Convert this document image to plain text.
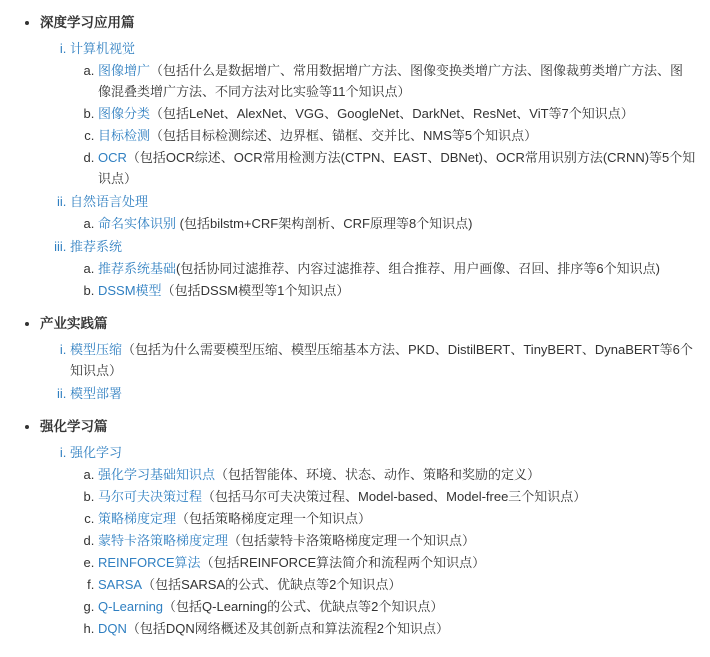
• 深度学习应用篇
i. 计算机视觉
a. 图像增广（包括什么是数据增广、常用数据增广方法、图像变换类增广方法、图像裁剪类增广方法、图像混叠类增广方法、不同方法对比实验等11个知识点）
b. 图像分类（包括LeNet、AlexNet、VGG、GoogleNet、DarkNet、ResNet、ViT等7个知识点）
c. 目标检测（包括目标检测综述、边界框、锚框、交并比、NMS等5个知识点）
d. OCR（包括OCR综述、OCR常用检测方法(CTPN、EAST、DBNet)、OCR常用识别方法(CRNN)等5个知识点）
ii. 自然语言处理
a. 命名实体识别 (包括bilstm+CRF架构剖析、CRF原理等8个知识点)
iii. 推荐系统
a. 推荐系统基础(包括协同过滤推荐、内容过滤推荐、组合推荐、用户画像、召回、排序等6个知识点)
b. DSSM模型（包括DSSM模型等1个知识点）
• 产业实践篇
i. 模型压缩（包括为什么需要模型压缩、模型压缩基本方法、PKD、DistilBERT、TinyBERT、DynaBERT等6个知识点）
ii. 模型部署
• 强化学习篇
i. 强化学习
a. 强化学习基础知识点（包括智能体、环境、状态、动作、策略和奖励的定义）
b. 马尔可夫决策过程（包括马尔可夫决策过程、Model-based、Model-free三个知识点）
c. 策略梯度定理（包括策略梯度定理一个知识点）
d. 蒙特卡洛策略梯度定理（包括蒙特卡洛策略梯度定理一个知识点）
e. REINFORCE算法（包括REINFORCE算法简介和流程两个知识点）
f. SARSA（包括SARSA的公式、优缺点等2个知识点）
g. Q-Learning（包括Q-Learning的公式、优缺点等2个知识点）
h. DQN（包括DQN网络概述及其创新点和算法流程2个知识点）
